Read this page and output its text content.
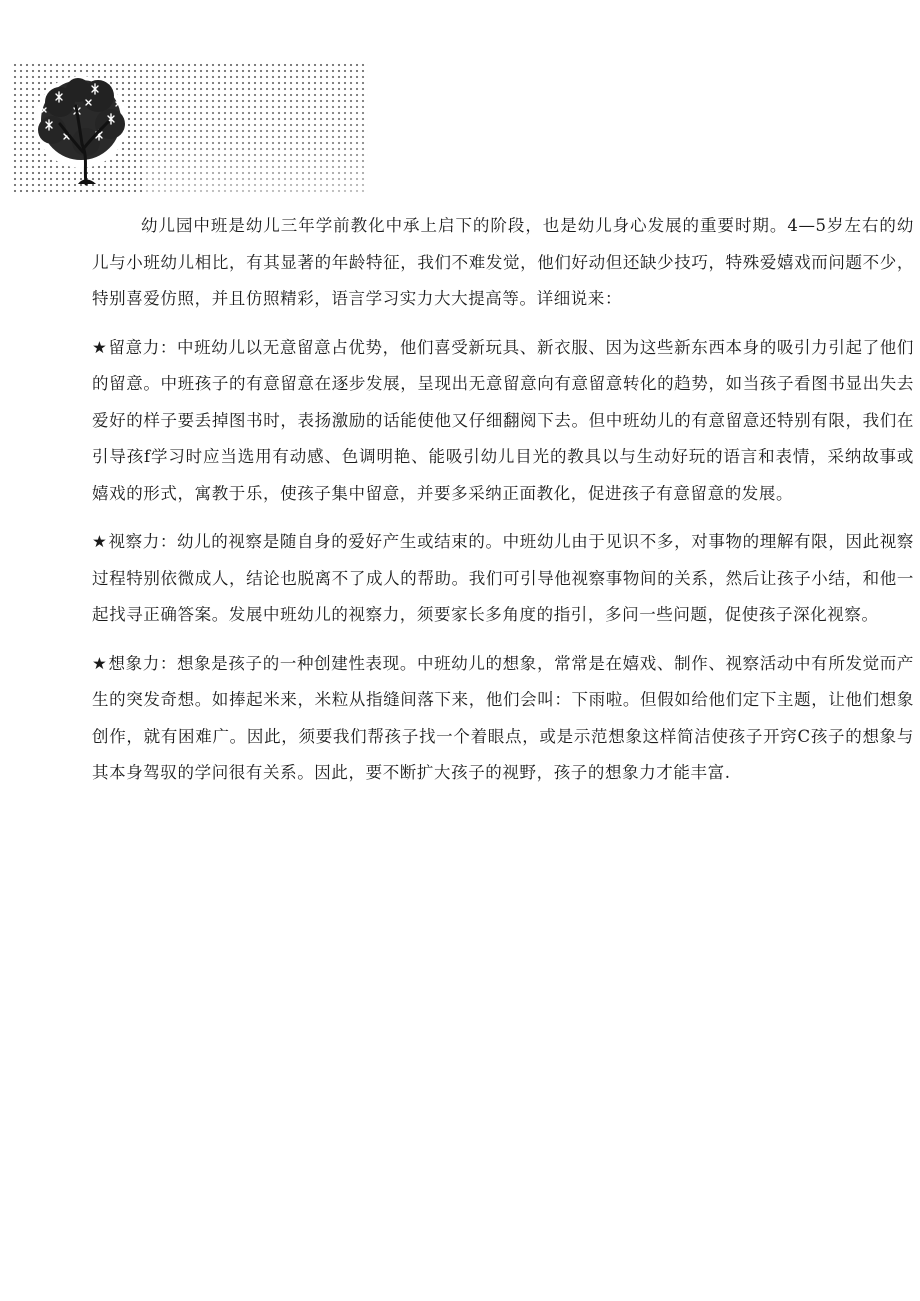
幼儿园中班是幼儿三年学前教化中承上启下的阶段，也是幼儿身心发展的重要时期。4—5岁左右的幼儿与小班幼儿相比，有其显著的年龄特征，我们不难发觉，他们好动但还缺少技巧，特殊爱嬉戏而问题不少，特别喜爱仿照，并且仿照精彩，语言学习实力大大提高等。详细说来：

★留意力：中班幼儿以无意留意占优势，他们喜受新玩具、新衣服、因为这些新东西本身的吸引力引起了他们的留意。中班孩子的有意留意在逐步发展，呈现出无意留意向有意留意转化的趋势，如当孩子看图书显出失去爱好的样子要丢掉图书时，表扬激励的话能使他又仔细翻阅下去。但中班幼儿的有意留意还特别有限，我们在引导孩f学习时应当选用有动感、色调明艳、能吸引幼儿目光的教具以与生动好玩的语言和表情，采纳故事或嬉戏的形式，寓教于乐，使孩子集中留意，并要多采纳正面教化，促进孩子有意留意的发展。

★视察力：幼儿的视察是随自身的爱好产生或结束的。中班幼儿由于见识不多，对事物的理解有限，因此视察过程特别依微成人，结论也脱离不了成人的帮助。我们可引导他视察事物间的关系，然后让孩子小结，和他一起找寻正确答案。发展中班幼儿的视察力，须要家长多角度的指引，多问一些问题，促使孩子深化视察。

★想象力：想象是孩子的一种创建性表现。中班幼儿的想象，常常是在嬉戏、制作、视察活动中有所发觉而产生的突发奇想。如捧起米来，米粒从指缝间落下来，他们会叫：下雨啦。但假如给他们定下主题，让他们想象创作，就有困难广。因此，须要我们帮孩子找一个着眼点，或是示范想象这样简洁使孩子开窍C孩子的想象与其本身驾驭的学问很有关系。因此，要不断扩大孩子的视野，孩子的想象力才能丰富.
